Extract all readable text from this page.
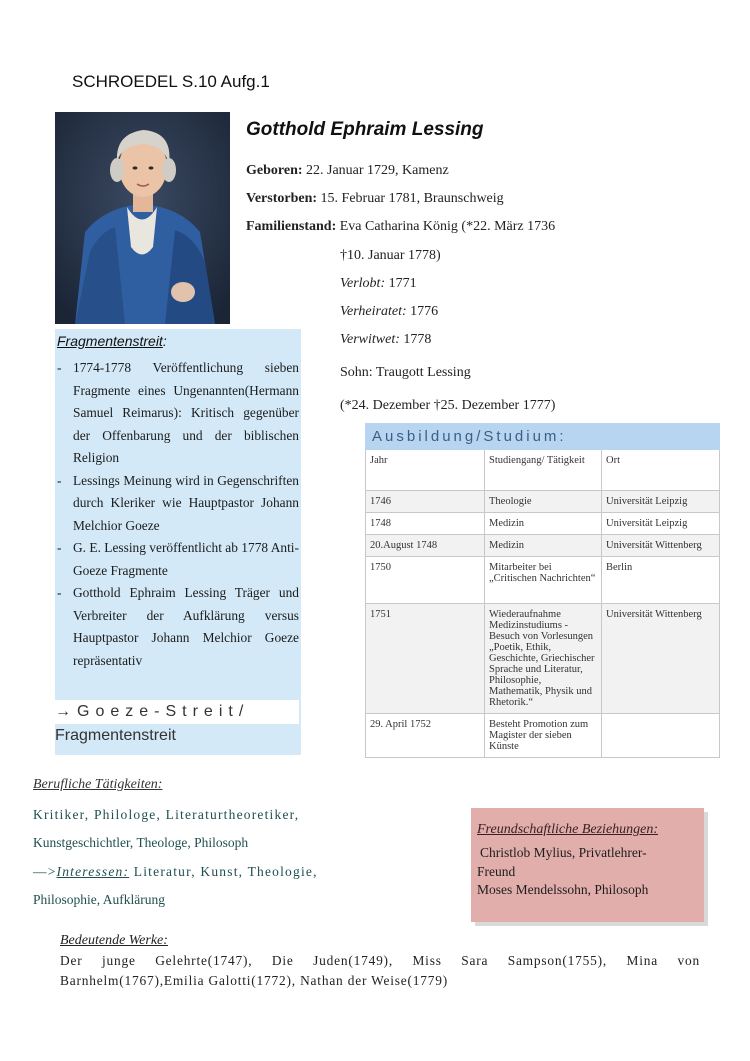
SCHROEDEL S.10 Aufg.1
Gotthold Ephraim Lessing
Geboren: 22. Januar 1729, Kamenz
Verstorben: 15. Februar 1781, Braunschweig
Familienstand: Eva Catharina König (*22. März 1736
†10. Januar 1778)
Verlobt: 1771
Verheiratet: 1776
Verwitwet: 1778
Sohn: Traugott Lessing
(*24. Dezember †25. Dezember 1777)
Fragmentenstreit:
- 1774-1778 Veröffentlichung sieben Fragmente eines Ungenannten(Hermann Samuel Reimarus): Kritisch gegenüber der Offenbarung und der biblischen Religion
- Lessings Meinung wird in Gegenschriften durch Kleriker wie Hauptpastor Johann Melchior Goeze
- G. E. Lessing veröffentlicht ab 1778 Anti- Goeze Fragmente
- Gotthold Ephraim Lessing Träger und Verbreiter der Aufklärung versus Hauptpastor Johann Melchior Goeze repräsentativ
→Goeze-Streit/
Fragmentenstreit
Ausbildung/Studium:		
Jahr	Studiengang/ Tätigkeit	Ort
1746	Theologie	Universität Leipzig
1748	Medizin	Universität Leipzig
20.August 1748	Medizin	Universität Wittenberg
1750	Mitarbeiter bei „Critischen Nachrichten“	Berlin
1751	Wiederaufnahme Medizinstudiums -Besuch von Vorlesungen „Poetik, Ethik, Geschichte, Griechischer Sprache und Literatur, Philosophie, Mathematik, Physik und Rhetorik.“	Universität Wittenberg
29. April 1752	Besteht Promotion zum Magister der sieben Künste	
Berufliche Tätigkeiten:
Kritiker, Philologe, Literaturtheoretiker,
Kunstgeschichtler, Theologe, Philosoph
—>Interessen: Literatur, Kunst, Theologie,
Philosophie, Aufklärung
Freundschaftliche Beziehungen:
Christlob Mylius, Privatlehrer-
Freund
Moses Mendelssohn, Philosoph
Bedeutende Werke:
Der junge Gelehrte(1747), Die Juden(1749), Miss Sara Sampson(1755), Mina von Barnhelm(1767),Emilia Galotti(1772), Nathan der Weise(1779)
